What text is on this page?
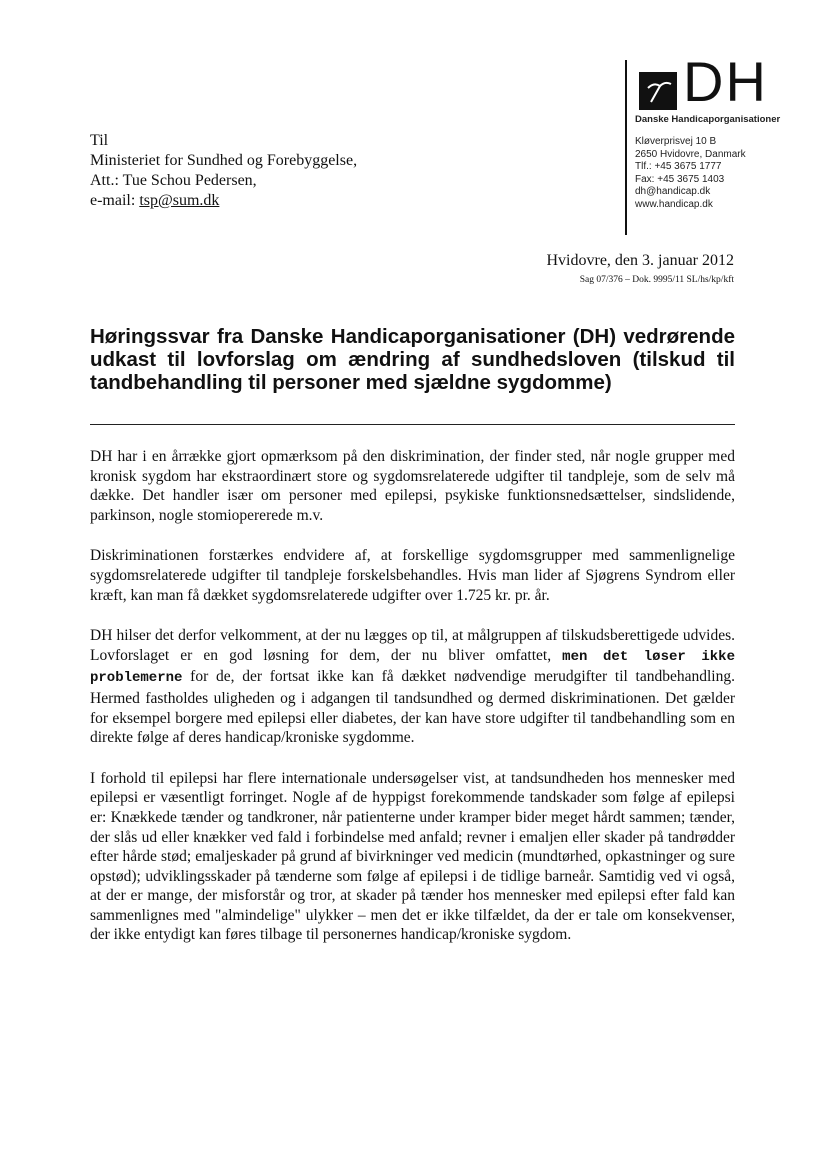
DH
Danske Handicaporganisationer
Kløverprisvej 10 B
2650 Hvidovre, Danmark
Tlf.: +45 3675 1777
Fax: +45 3675 1403
dh@handicap.dk
www.handicap.dk
Til
Ministeriet for Sundhed og Forebyggelse,
Att.: Tue Schou Pedersen,
e-mail: tsp@sum.dk
Hvidovre, den 3. januar 2012
Sag 07/376 – Dok. 9995/11 SL/hs/kp/kft
Høringssvar fra Danske Handicaporganisationer (DH) vedrørende udkast til lovforslag om ændring af sundhedsloven (tilskud til tandbehandling til personer med sjældne sygdomme)

DH har i en årrække gjort opmærksom på den diskrimination, der finder sted, når nogle grupper med kronisk sygdom har ekstraordinært store og sygdomsrelaterede udgifter til tandpleje, som de selv må dække. Det handler især om personer med epilepsi, psykiske funktionsnedsættelser, sindslidende, parkinson, nogle stomiopererede m.v.

Diskriminationen forstærkes endvidere af, at forskellige sygdomsgrupper med sammenlignelige sygdomsrelaterede udgifter til tandpleje forskelsbehandles. Hvis man lider af Sjøgrens Syndrom eller kræft, kan man få dækket sygdomsrelaterede udgifter over 1.725 kr. pr. år.

DH hilser det derfor velkomment, at der nu lægges op til, at målgruppen af tilskudsberettigede udvides. Lovforslaget er en god løsning for dem, der nu bliver omfattet, men det løser ikke problemerne for de, der fortsat ikke kan få dækket nødvendige merudgifter til tandbehandling. Hermed fastholdes uligheden og i adgangen til tandsundhed og dermed diskriminationen. Det gælder for eksempel borgere med epilepsi eller diabetes, der kan have store udgifter til tandbehandling som en direkte følge af deres handicap/kroniske sygdomme.

I forhold til epilepsi har flere internationale undersøgelser vist, at tandsundheden hos mennesker med epilepsi er væsentligt forringet. Nogle af de hyppigst forekommende tandskader som følge af epilepsi er: Knækkede tænder og tandkroner, når patienterne under kramper bider meget hårdt sammen; tænder, der slås ud eller knækker ved fald i forbindelse med anfald; revner i emaljen eller skader på tandrødder efter hårde stød; emaljeskader på grund af bivirkninger ved medicin (mundtørhed, opkastninger og sure opstød); udviklingsskader på tænderne som følge af epilepsi i de tidlige barneår. Samtidig ved vi også, at der er mange, der misforstår og tror, at skader på tænder hos mennesker med epilepsi efter fald kan sammenlignes med "almindelige" ulykker – men det er ikke tilfældet, da der er tale om konsekvenser, der ikke entydigt kan føres tilbage til personernes handicap/kroniske sygdom.
